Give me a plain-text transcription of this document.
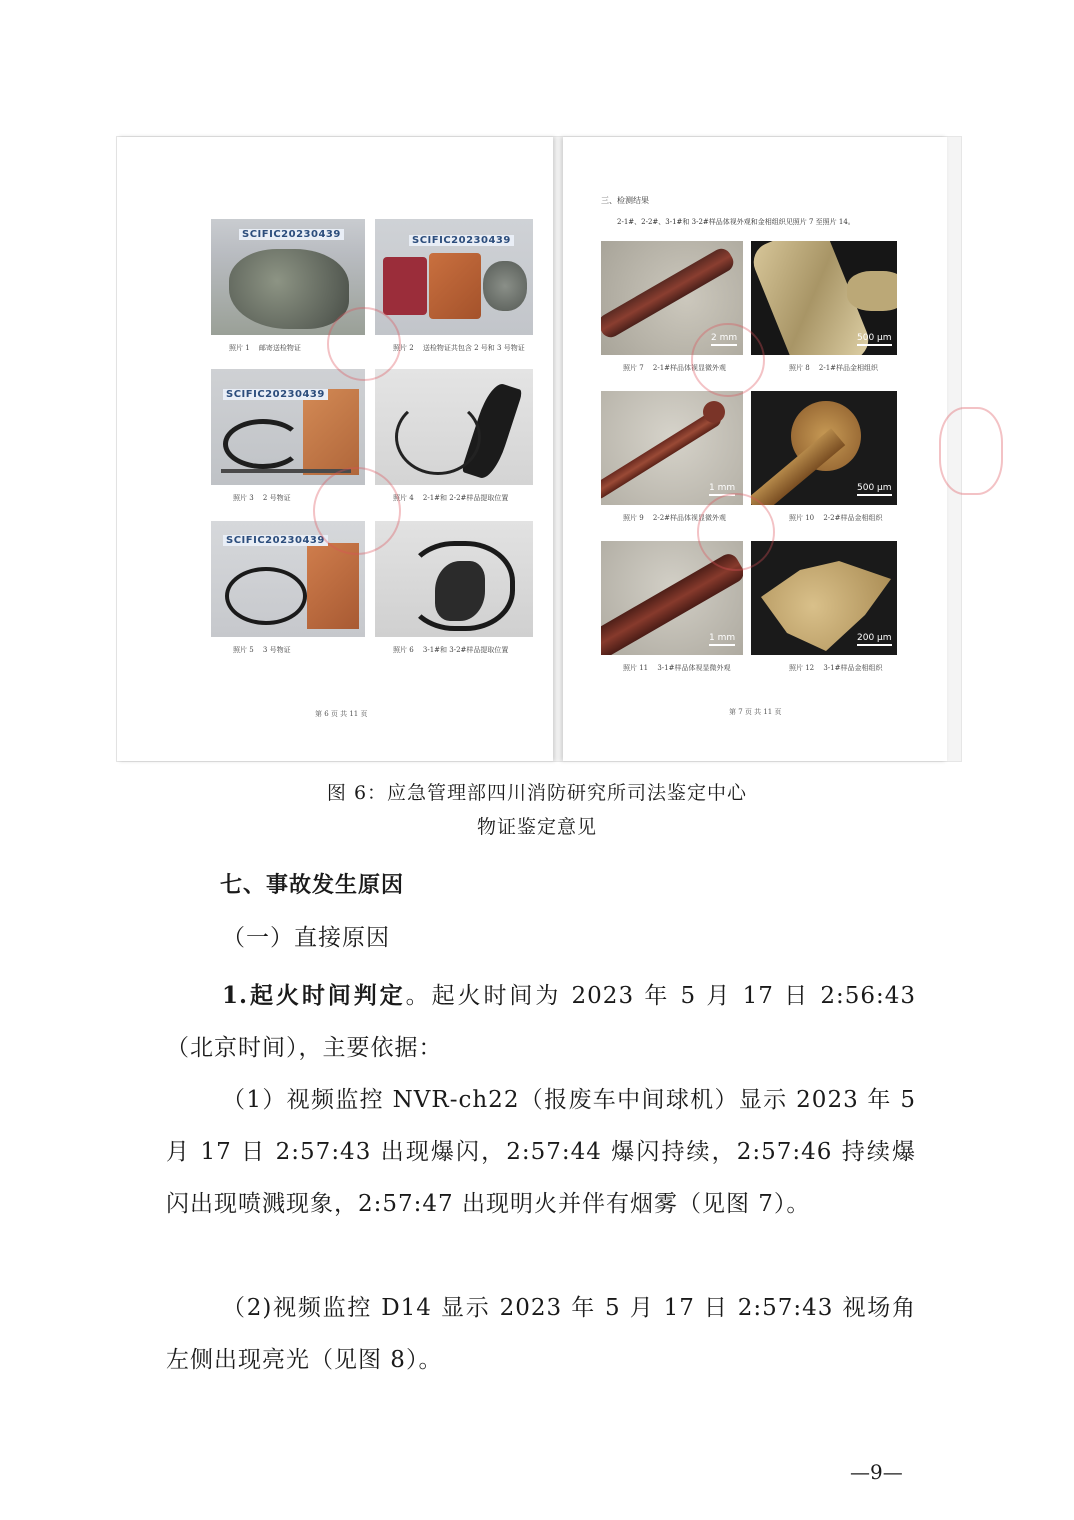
SCIFIC20230439
照片 1　 邮寄送检物证
SCIFIC20230439
照片 2　 送检物证共包含 2 号和 3 号物证
SCIFIC20230439
照片 3　 2 号物证	照片 4　 2-1#和 2-2#样品提取位置
SCIFIC20230439
照片 5　 3 号物证	照片 6　 3-1#和 3-2#样品提取位置
第 6 页 共 11 页
三、检测结果
2-1#、2-2#、3-1#和 3-2#样品体视外观和金相组织见照片 7 至照片 14。
2 mm
照片 7　 2-1#样品体视显微外观
500 μm
照片 8　 2-1#样品金相组织
1 mm
照片 9　 2-2#样品体视显微外观
500 μm
照片 10　 2-2#样品金相组织
1 mm
照片 11　 3-1#样品体视显微外观
200 μm
照片 12　 3-1#样品金相组织
第 7 页 共 11 页
图 6：应急管理部四川消防研究所司法鉴定中心
物证鉴定意见
七、事故发生原因
（一）直接原因
1.起火时间判定。起火时间为 2023 年 5 月 17 日 2:56:43（北京时间），主要依据：
（1）视频监控 NVR-ch22（报废车中间球机）显示 2023 年 5 月 17 日 2:57:43 出现爆闪，2:57:44 爆闪持续，2:57:46 持续爆闪出现喷溅现象，2:57:47 出现明火并伴有烟雾（见图 7）。
（2)视频监控 D14 显示 2023 年 5 月 17 日 2:57:43 视场角左侧出现亮光（见图 8）。
—9—
